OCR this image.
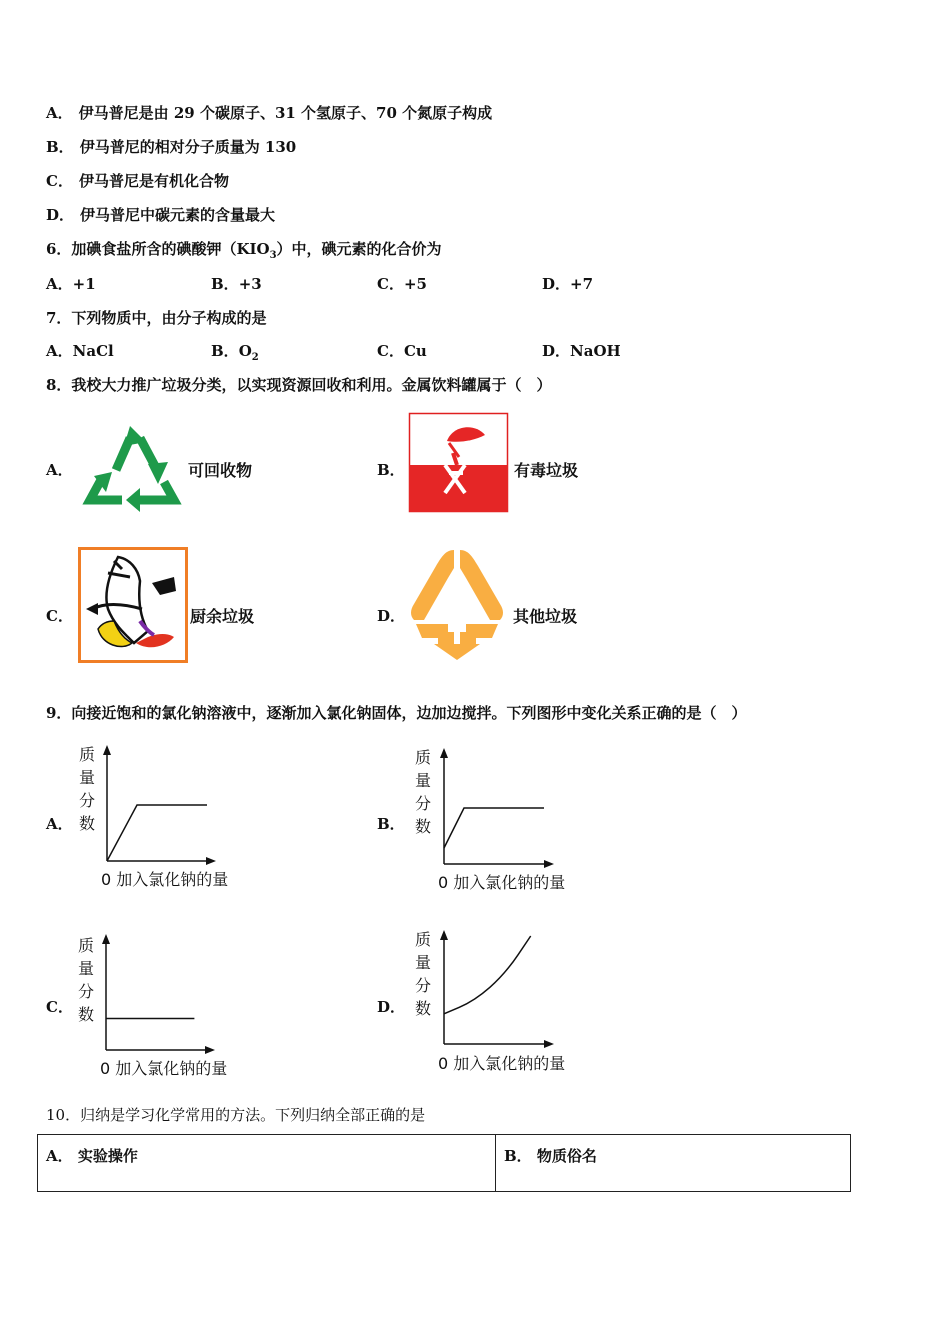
A． 伊马普尼是由 29 个碳原子、31 个氢原子、70 个氮原子构成
B． 伊马普尼的相对分子质量为 130
C． 伊马普尼是有机化合物
D． 伊马普尼中碳元素的含量最大
6．加碘食盐所含的碘酸钾$(KIO_3)$中，碘元素的化合价为
A．+1	B．+3	C．+5	D．+7
7．下列物质中，由分子构成的是
A．NaCl	B．$O_2$	C．Cu	D．NaOH
8．我校大力推广垃圾分类，以实现资源回收和利用。金属饮料罐属于（　）
A．	可回收物	B．	有毒垃圾
C．	厨余垃圾	D．	其他垃圾
9．向接近饱和的氯化钠溶液中，逐渐加入氯化钠固体，边加边搅拌。下列图形中变化关系正确的是（　）
A．
质
量
分
数
0 加入氯化钠的量
B．
质
量
分
数
0 加入氯化钠的量
C．
质
量
分
数
0 加入氯化钠的量
D．
质
量
分
数
0 加入氯化钠的量
10．归纳是学习化学常用的方法。下列归纳全部正确的是
A． 实验操作	B． 物质俗名
